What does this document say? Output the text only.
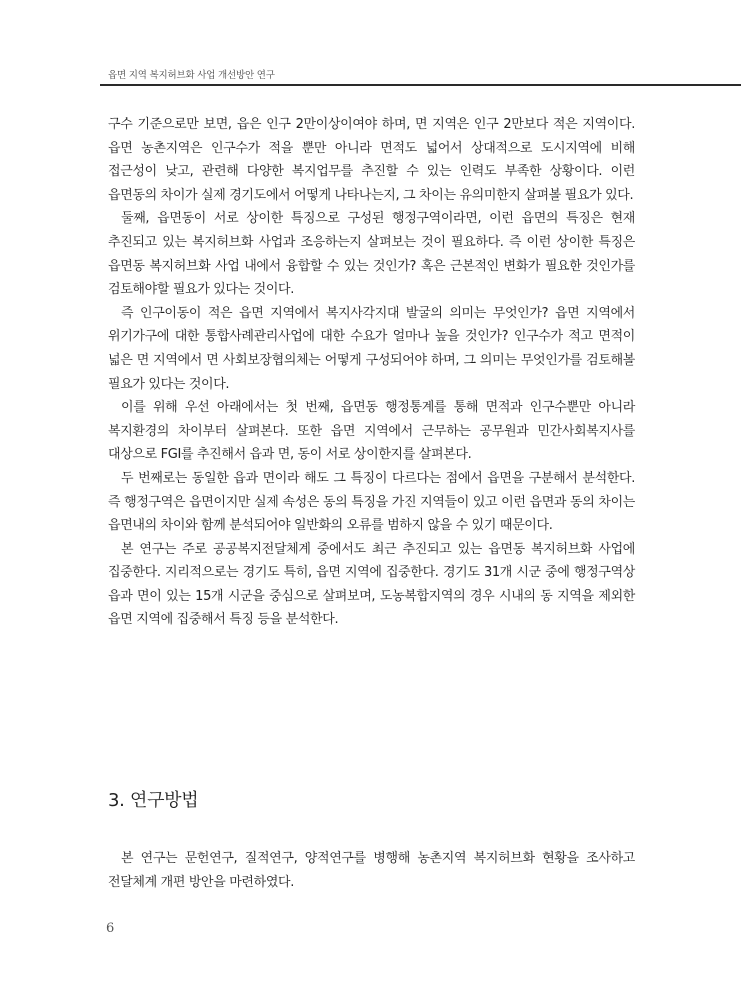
읍면 지역 복지허브화 사업 개선방안 연구

구수 기준으로만 보면, 읍은 인구 2만이상이여야 하며, 면 지역은 인구 2만보다 적은 지역이다. 읍면 농촌지역은 인구수가 적을 뿐만 아니라 면적도 넓어서 상대적으로 도시지역에 비해 접근성이 낮고, 관련해 다양한 복지업무를 추진할 수 있는 인력도 부족한 상황이다. 이런 읍면동의 차이가 실제 경기도에서 어떻게 나타나는지, 그 차이는 유의미한지 살펴볼 필요가 있다.

둘째, 읍면동이 서로 상이한 특징으로 구성된 행정구역이라면, 이런 읍면의 특징은 현재 추진되고 있는 복지허브화 사업과 조응하는지 살펴보는 것이 필요하다. 즉 이런 상이한 특징은 읍면동 복지허브화 사업 내에서 융합할 수 있는 것인가? 혹은 근본적인 변화가 필요한 것인가를 검토해야할 필요가 있다는 것이다.

즉 인구이동이 적은 읍면 지역에서 복지사각지대 발굴의 의미는 무엇인가? 읍면 지역에서 위기가구에 대한 통합사례관리사업에 대한 수요가 얼마나 높을 것인가? 인구수가 적고 면적이 넓은 면 지역에서 면 사회보장협의체는 어떻게 구성되어야 하며, 그 의미는 무엇인가를 검토해볼 필요가 있다는 것이다.

이를 위해 우선 아래에서는 첫 번째, 읍면동 행정통계를 통해 면적과 인구수뿐만 아니라 복지환경의 차이부터 살펴본다. 또한 읍면 지역에서 근무하는 공무원과 민간사회복지사를 대상으로 FGI를 추진해서 읍과 면, 동이 서로 상이한지를 살펴본다.

두 번째로는 동일한 읍과 면이라 해도 그 특징이 다르다는 점에서 읍면을 구분해서 분석한다. 즉 행정구역은 읍면이지만 실제 속성은 동의 특징을 가진 지역들이 있고 이런 읍면과 동의 차이는 읍면내의 차이와 함께 분석되어야 일반화의 오류를 범하지 않을 수 있기 때문이다.

본 연구는 주로 공공복지전달체계 중에서도 최근 추진되고 있는 읍면동 복지허브화 사업에 집중한다. 지리적으로는 경기도 특히, 읍면 지역에 집중한다. 경기도 31개 시군 중에 행정구역상 읍과 면이 있는 15개 시군을 중심으로 살펴보며, 도농복합지역의 경우 시내의 동 지역을 제외한 읍면 지역에 집중해서 특징 등을 분석한다.

3. 연구방법

본 연구는 문헌연구, 질적연구, 양적연구를 병행해 농촌지역 복지허브화 현황을 조사하고 전달체계 개편 방안을 마련하였다.

6
